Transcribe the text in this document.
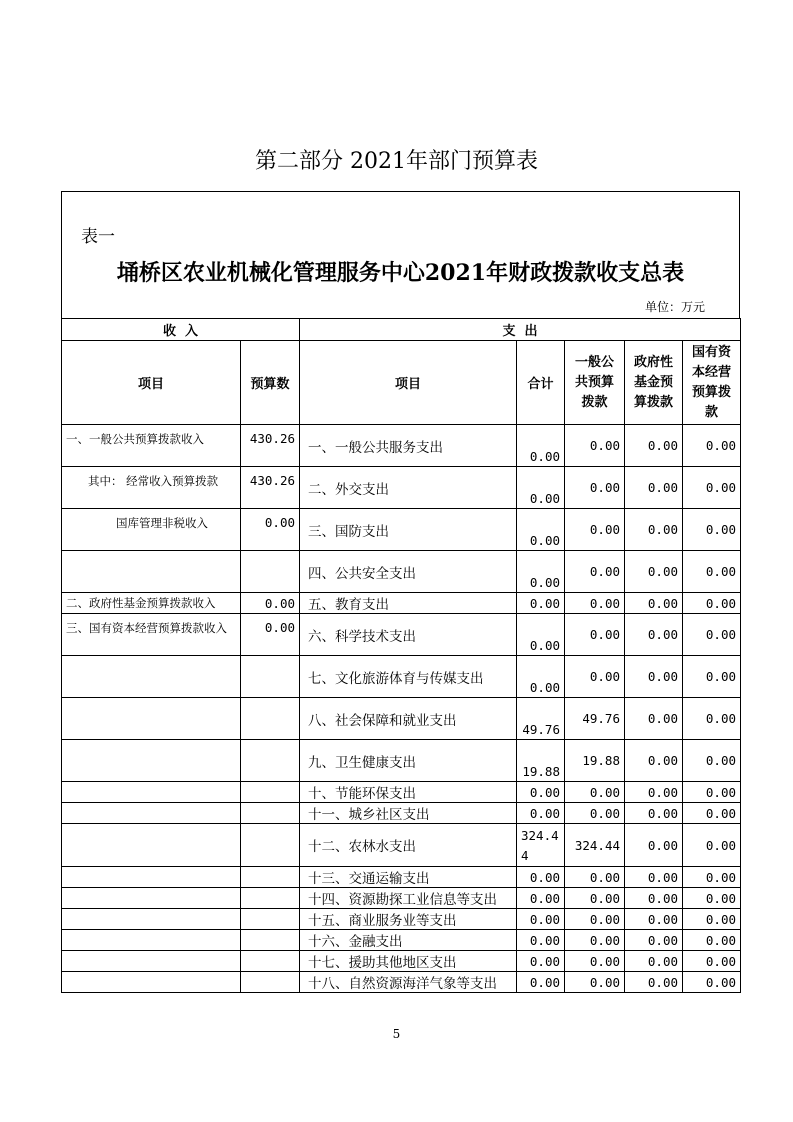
第二部分 2021年部门预算表
表一
埇桥区农业机械化管理服务中心2021年财政拨款收支总表
单位：万元
收  入		支  出				
项目	预算数	项目	合计	一般公共预算拨款	政府性基金预算拨款	国有资本经营预算拨款
一、一般公共预算拨款收入	430.26	一、一般公共服务支出	0.00	0.00	0.00	0.00
其中： 经常收入预算拨款	430.26	二、外交支出	0.00	0.00	0.00	0.00
国库管理非税收入	0.00	三、国防支出	0.00	0.00	0.00	0.00
		四、公共安全支出	0.00	0.00	0.00	0.00
二、政府性基金预算拨款收入	0.00	五、教育支出	0.00	0.00	0.00	0.00
三、国有资本经营预算拨款收入	0.00	六、科学技术支出	0.00	0.00	0.00	0.00
		七、文化旅游体育与传媒支出	0.00	0.00	0.00	0.00
		八、社会保障和就业支出	49.76	49.76	0.00	0.00
		九、卫生健康支出	19.88	19.88	0.00	0.00
		十、节能环保支出	0.00	0.00	0.00	0.00
		十一、城乡社区支出	0.00	0.00	0.00	0.00
		十二、农林水支出	324.44	324.44	0.00	0.00
		十三、交通运输支出	0.00	0.00	0.00	0.00
		十四、资源勘探工业信息等支出	0.00	0.00	0.00	0.00
		十五、商业服务业等支出	0.00	0.00	0.00	0.00
		十六、金融支出	0.00	0.00	0.00	0.00
		十七、援助其他地区支出	0.00	0.00	0.00	0.00
		十八、自然资源海洋气象等支出	0.00	0.00	0.00	0.00
5
